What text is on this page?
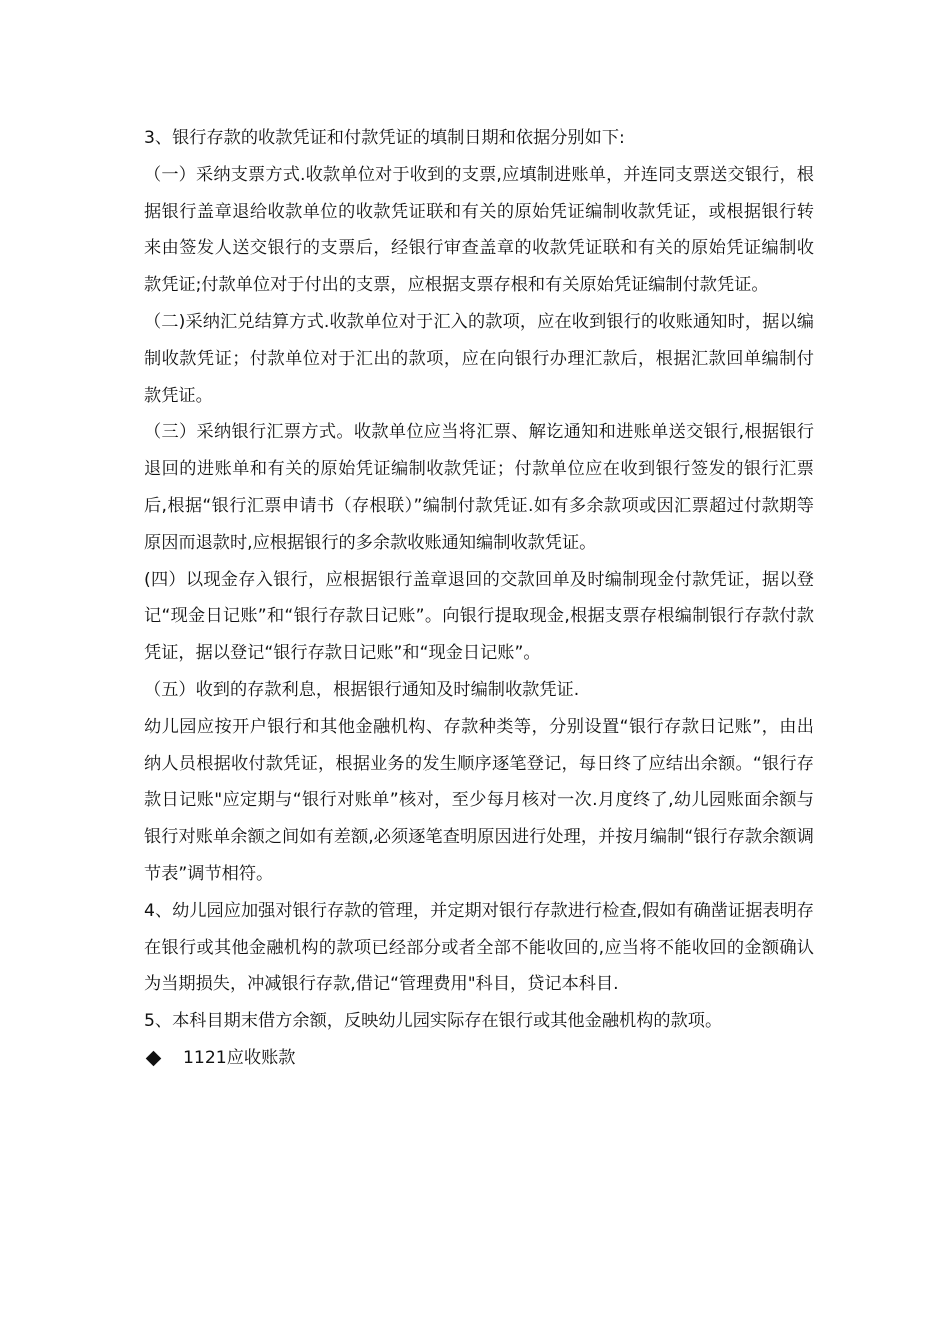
3、银行存款的收款凭证和付款凭证的填制日期和依据分别如下:

（一）采纳支票方式.收款单位对于收到的支票,应填制进账单，并连同支票送交银行，根据银行盖章退给收款单位的收款凭证联和有关的原始凭证编制收款凭证，或根据银行转来由签发人送交银行的支票后，经银行审查盖章的收款凭证联和有关的原始凭证编制收款凭证;付款单位对于付出的支票，应根据支票存根和有关原始凭证编制付款凭证。

（二)采纳汇兑结算方式.收款单位对于汇入的款项，应在收到银行的收账通知时，据以编制收款凭证；付款单位对于汇出的款项，应在向银行办理汇款后，根据汇款回单编制付款凭证。

（三）采纳银行汇票方式。收款单位应当将汇票、解讫通知和进账单送交银行,根据银行退回的进账单和有关的原始凭证编制收款凭证；付款单位应在收到银行签发的银行汇票后,根据“银行汇票申请书（存根联）”编制付款凭证.如有多余款项或因汇票超过付款期等原因而退款时,应根据银行的多余款收账通知编制收款凭证。

(四）以现金存入银行，应根据银行盖章退回的交款回单及时编制现金付款凭证，据以登记“现金日记账”和“银行存款日记账”。向银行提取现金,根据支票存根编制银行存款付款凭证，据以登记“银行存款日记账”和“现金日记账”。

（五）收到的存款利息，根据银行通知及时编制收款凭证.

幼儿园应按开户银行和其他金融机构、存款种类等，分别设置“银行存款日记账”，由出纳人员根据收付款凭证，根据业务的发生顺序逐笔登记，每日终了应结出余额。“银行存款日记账"应定期与“银行对账单”核对，至少每月核对一次.月度终了,幼儿园账面余额与银行对账单余额之间如有差额,必须逐笔查明原因进行处理，并按月编制“银行存款余额调节表”调节相符。

4、幼儿园应加强对银行存款的管理，并定期对银行存款进行检查,假如有确凿证据表明存在银行或其他金融机构的款项已经部分或者全部不能收回的,应当将不能收回的金额确认为当期损失，冲减银行存款,借记“管理费用"科目，贷记本科目.

5、本科目期末借方余额，反映幼儿园实际存在银行或其他金融机构的款项。

1121应收账款
